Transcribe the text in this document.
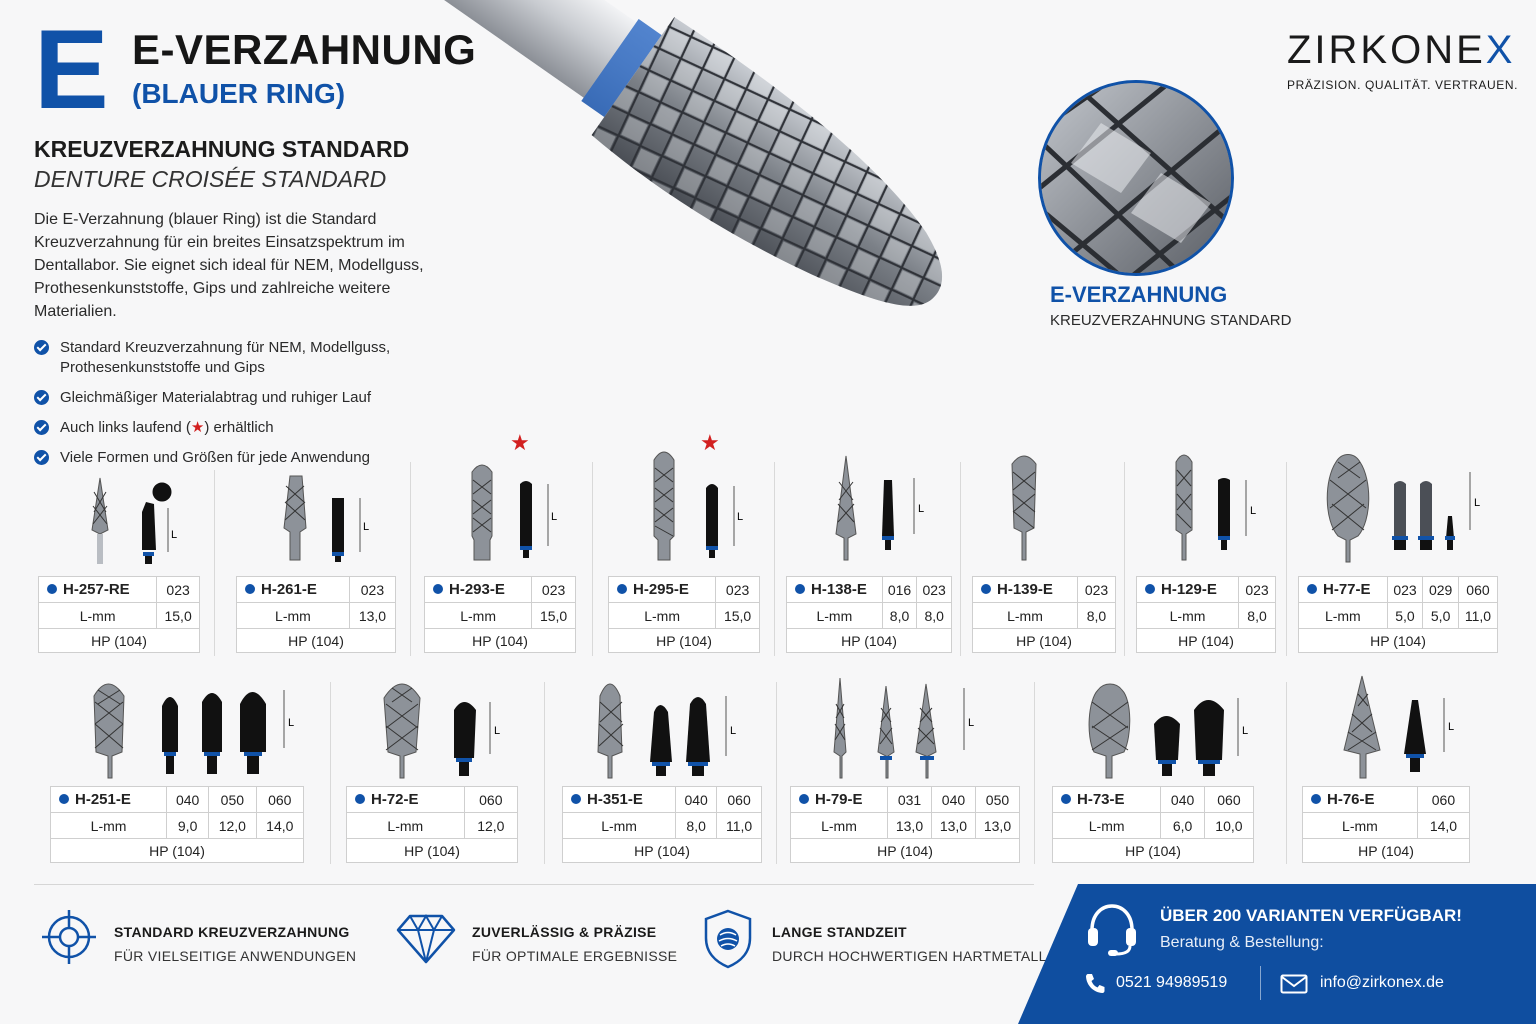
E E-VERZAHNUNG
(BLAUER RING)
KREUZVERZAHNUNG STANDARD
DENTURE CROISÉE STANDARD

Die E-Verzahnung (blauer Ring) ist die Standard Kreuzverzahnung für ein breites Einsatzspektrum im Dentallabor. Sie eignet sich ideal für NEM, Modellguss, Prothesenkunststoffe, Gips und zahlreiche weitere Materialien.

Standard Kreuzverzahnung für NEM, Modellguss, Prothesenkunststoffe und Gips
Gleichmäßiger Materialabtrag und ruhiger Lauf
Auch links laufend (★) erhältlich
Viele Formen und Größen für jede Anwendung
ZIRKONEX
PRÄZISION. QUALITÄT. VERTRAUEN.
E-VERZAHNUNG
KREUZVERZAHNUNG STANDARD
★	★
L
H-257-RE	023
L-mm	15,0
HP (104)	
L
H-261-E	023
L-mm	13,0
HP (104)	
L
H-293-E	023
L-mm	15,0
HP (104)	
L
H-295-E	023
L-mm	15,0
HP (104)	
L
H-138-E	016	023
L-mm	8,0	8,0
HP (104)		
H-139-E	023
L-mm	8,0
HP (104)	
L
H-129-E	023
L-mm	8,0
HP (104)	
L
H-77-E	023	029	060
L-mm	5,0	5,0	11,0
HP (104)			
L
H-251-E	040	050	060
L-mm	9,0	12,0	14,0
HP (104)			
L
H-72-E	060
L-mm	12,0
HP (104)	
L
H-351-E	040	060
L-mm	8,0	11,0
HP (104)		
L
H-79-E	031	040	050
L-mm	13,0	13,0	13,0
HP (104)			
L
H-73-E	040	060
L-mm	6,0	10,0
HP (104)		
L
H-76-E	060
L-mm	14,0
HP (104)	
STANDARD KREUZVERZAHNUNG
FÜR VIELSEITIGE ANWENDUNGEN
ZUVERLÄSSIG & PRÄZISE
FÜR OPTIMALE ERGEBNISSE
LANGE STANDZEIT
DURCH HOCHWERTIGEN HARTMETALL
ÜBER 200 VARIANTEN VERFÜGBAR!
Beratung & Bestellung:
0521 94989519	info@zirkonex.de
